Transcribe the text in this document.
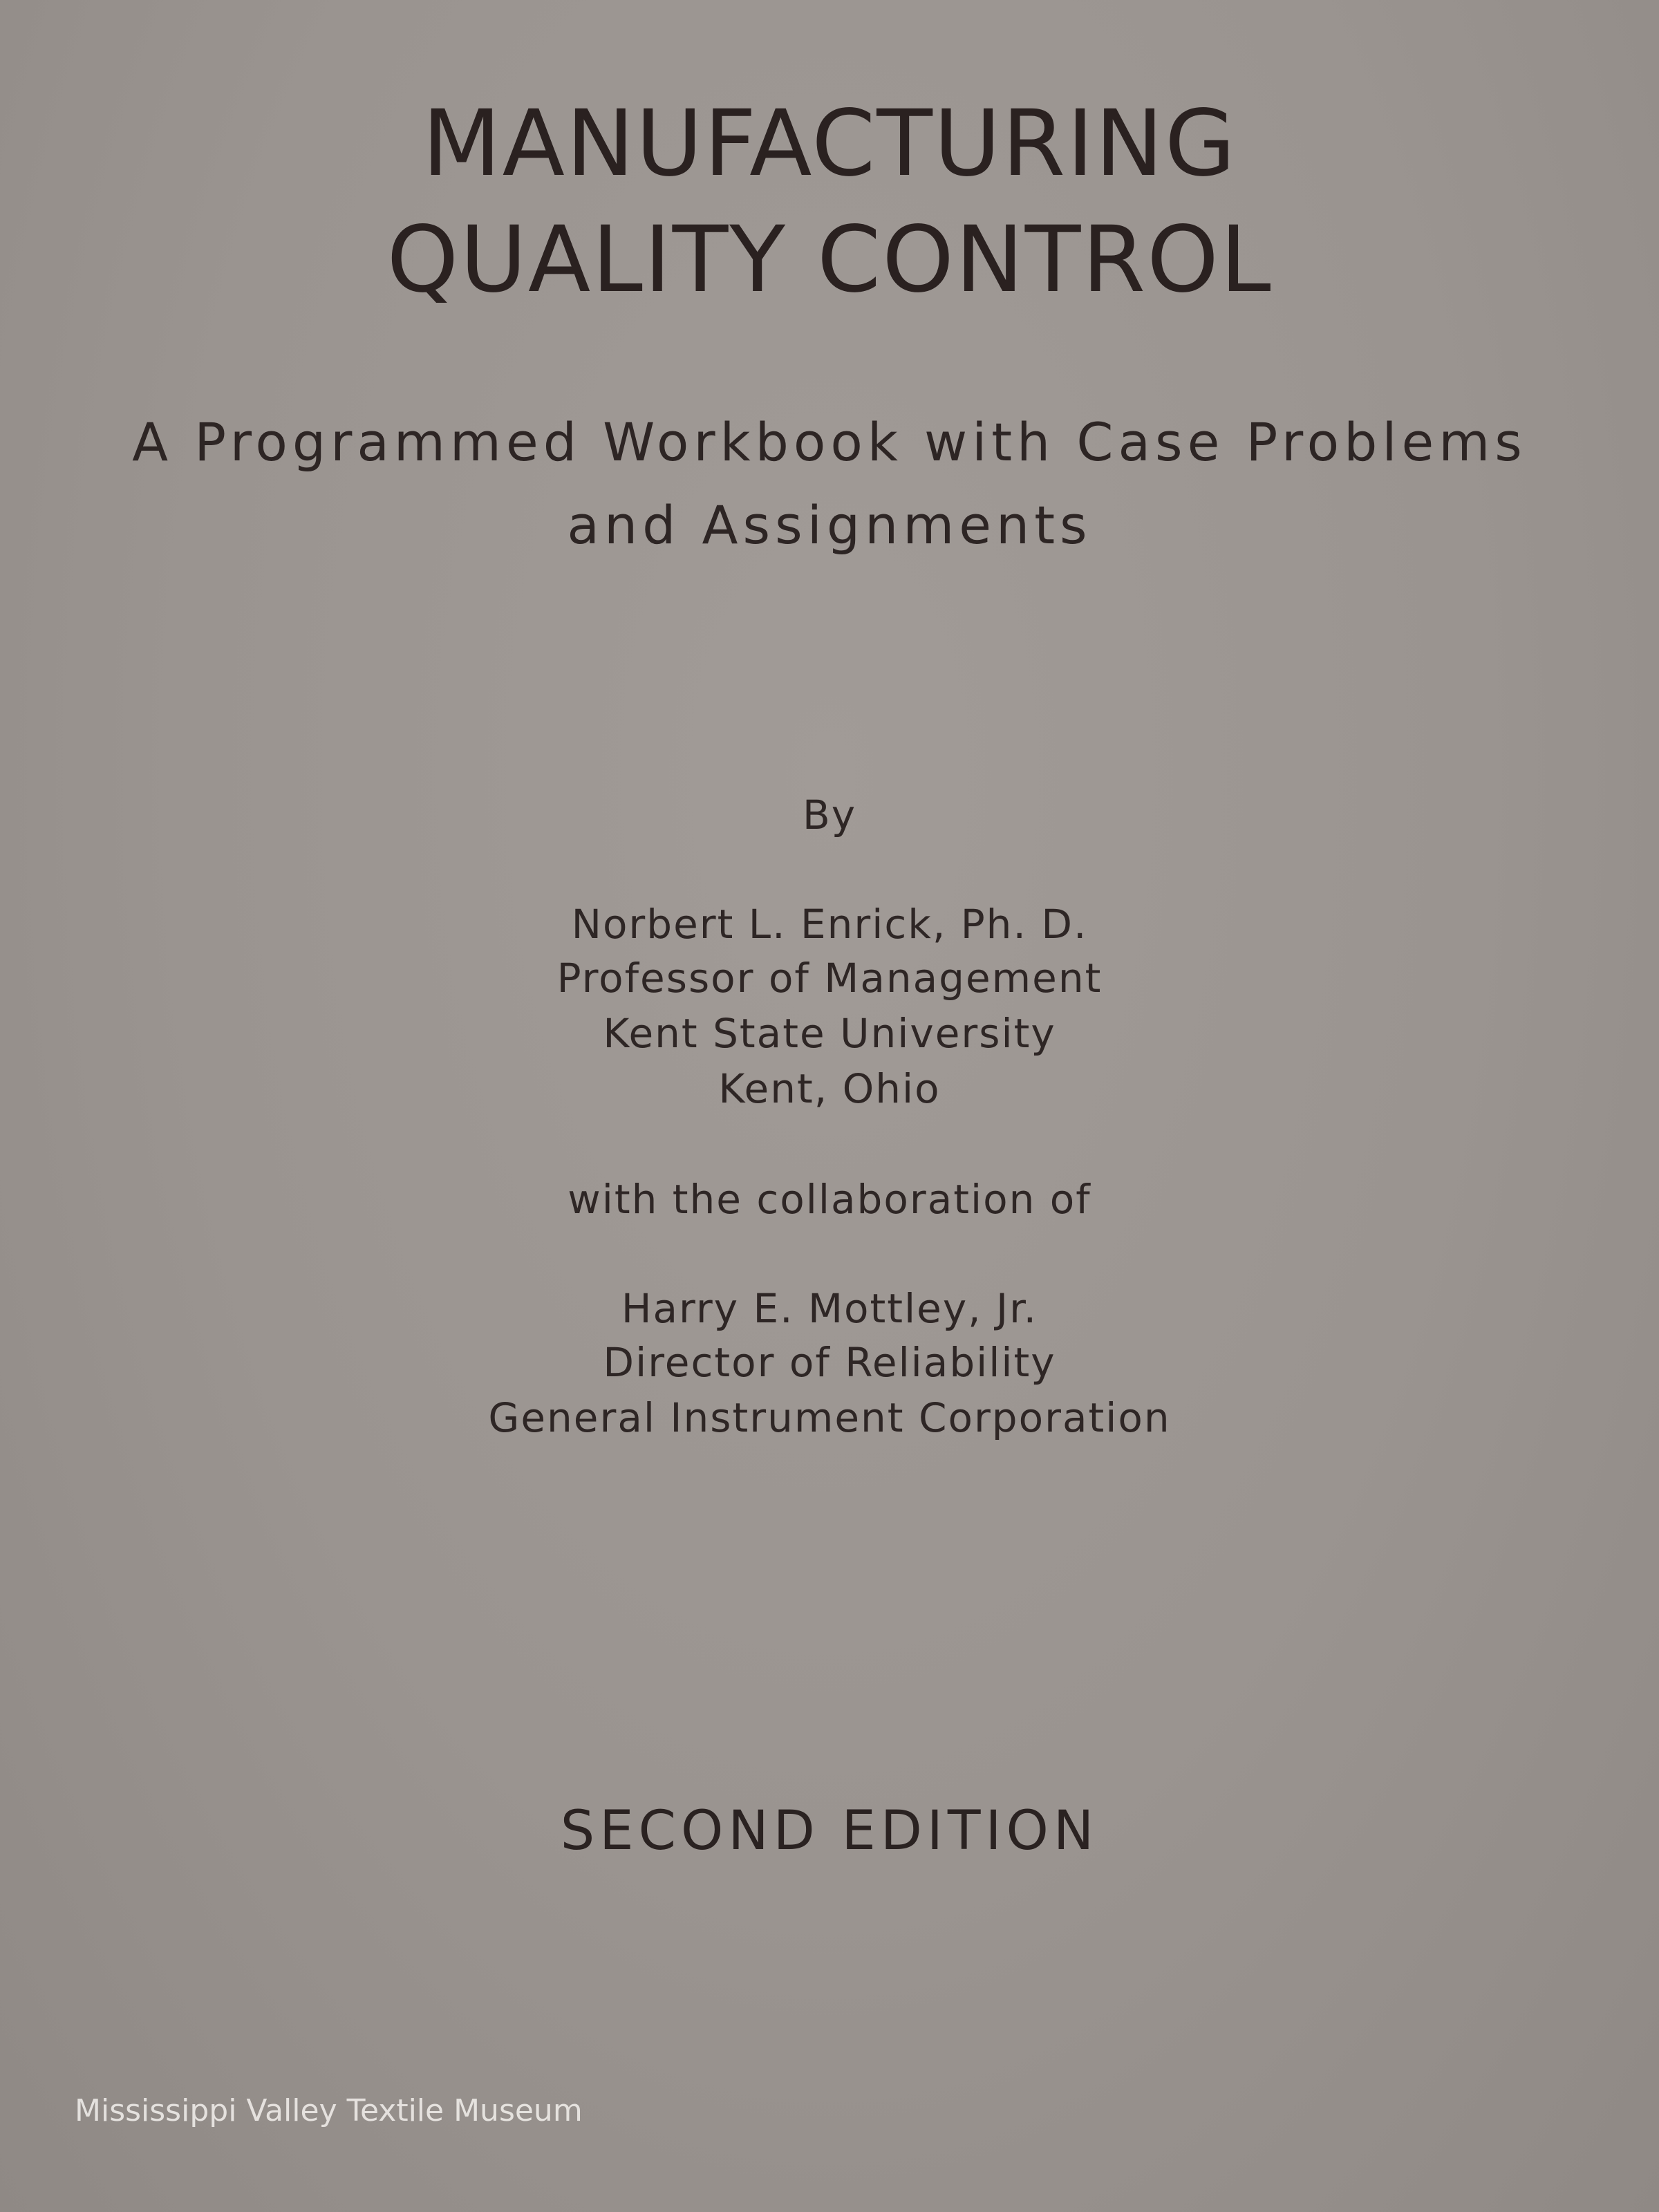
MANUFACTURING
QUALITY CONTROL
A Programmed Workbook with Case Problems
and Assignments
By
Norbert L. Enrick, Ph. D.
Professor of Management
Kent State University
Kent, Ohio
with the collaboration of
Harry E. Mottley, Jr.
Director of Reliability
General Instrument Corporation
SECOND EDITION
Mississippi Valley Textile Museum
